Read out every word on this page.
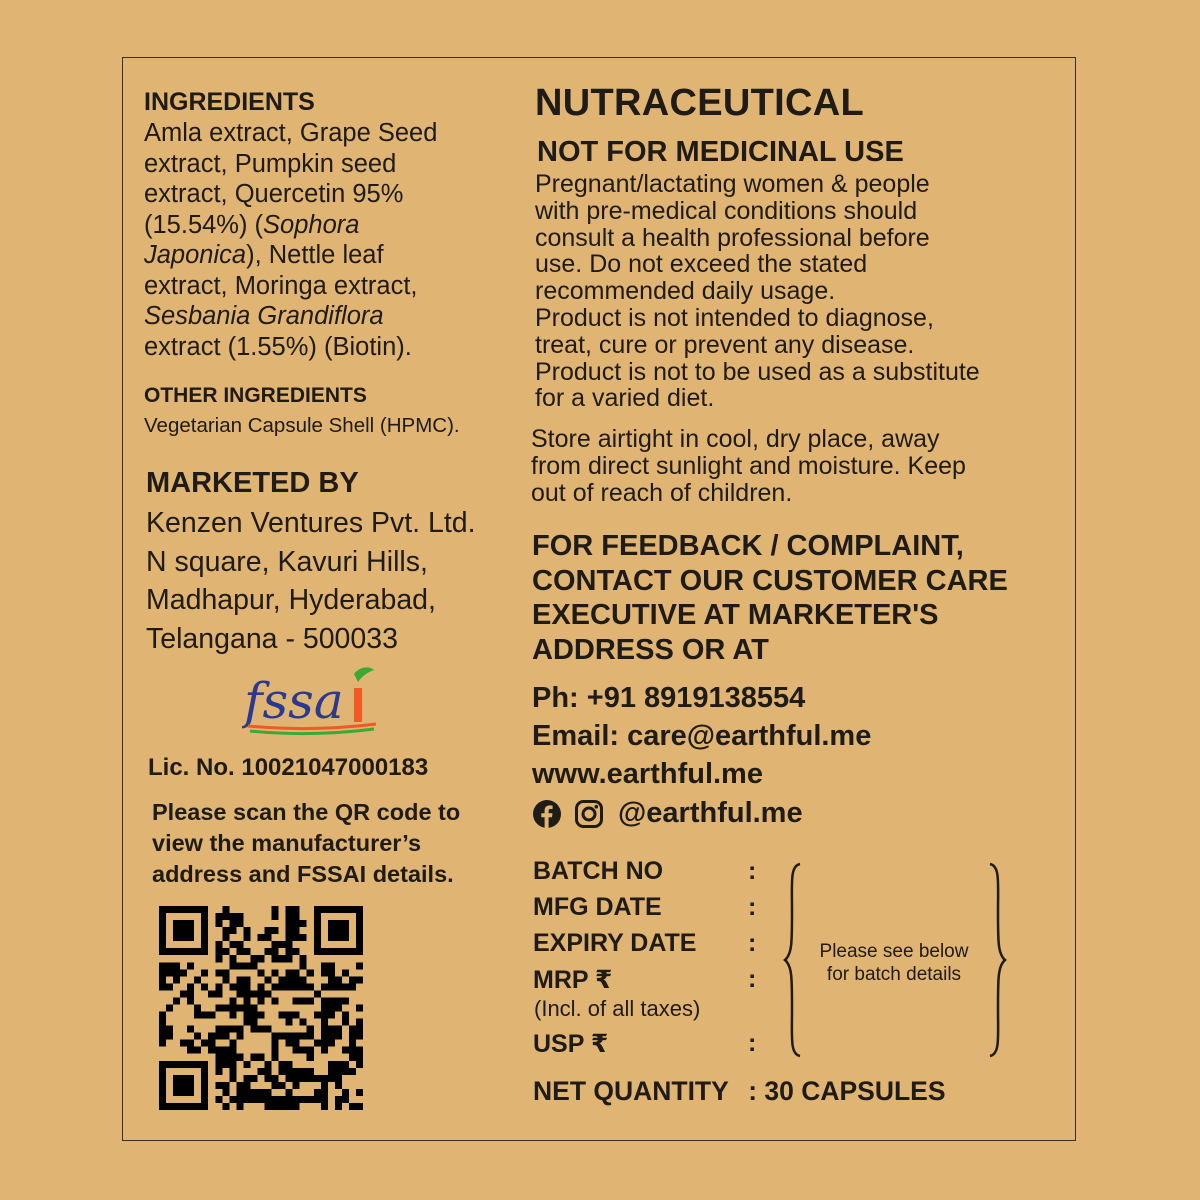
INGREDIENTS
Amla extract, Grape Seed
extract, Pumpkin seed
extract, Quercetin 95%
(15.54%) (Sophora
Japonica), Nettle leaf
extract, Moringa extract,
Sesbania Grandiflora
extract (1.55%) (Biotin).
OTHER INGREDIENTS
Vegetarian Capsule Shell (HPMC).
MARKETED BY
Kenzen Ventures Pvt. Ltd.
N square, Kavuri Hills,
Madhapur, Hyderabad,
Telangana - 500033
fssa
Lic. No. 10021047000183
Please scan the QR code to
view the manufacturer’s
address and FSSAI details.
NUTRACEUTICAL
NOT FOR MEDICINAL USE
Pregnant/lactating women & people
with pre-medical conditions should
consult a health professional before
use. Do not exceed the stated
recommended daily usage.
Product is not intended to diagnose,
treat, cure or prevent any disease.
Product is not to be used as a substitute
for a varied diet.
Store airtight in cool, dry place, away
from direct sunlight and moisture. Keep
out of reach of children.
FOR FEEDBACK / COMPLAINT,
CONTACT OUR CUSTOMER CARE
EXECUTIVE AT MARKETER'S
ADDRESS OR AT
Ph: +91 8919138554
Email: care@earthful.me
www.earthful.me
@earthful.me
BATCH NO
MFG DATE
EXPIRY DATE
MRP ₹
(Incl. of all taxes)
USP ₹
:
:
:
:
:
Please see below
for batch details
NET QUANTITY : 30 CAPSULES
